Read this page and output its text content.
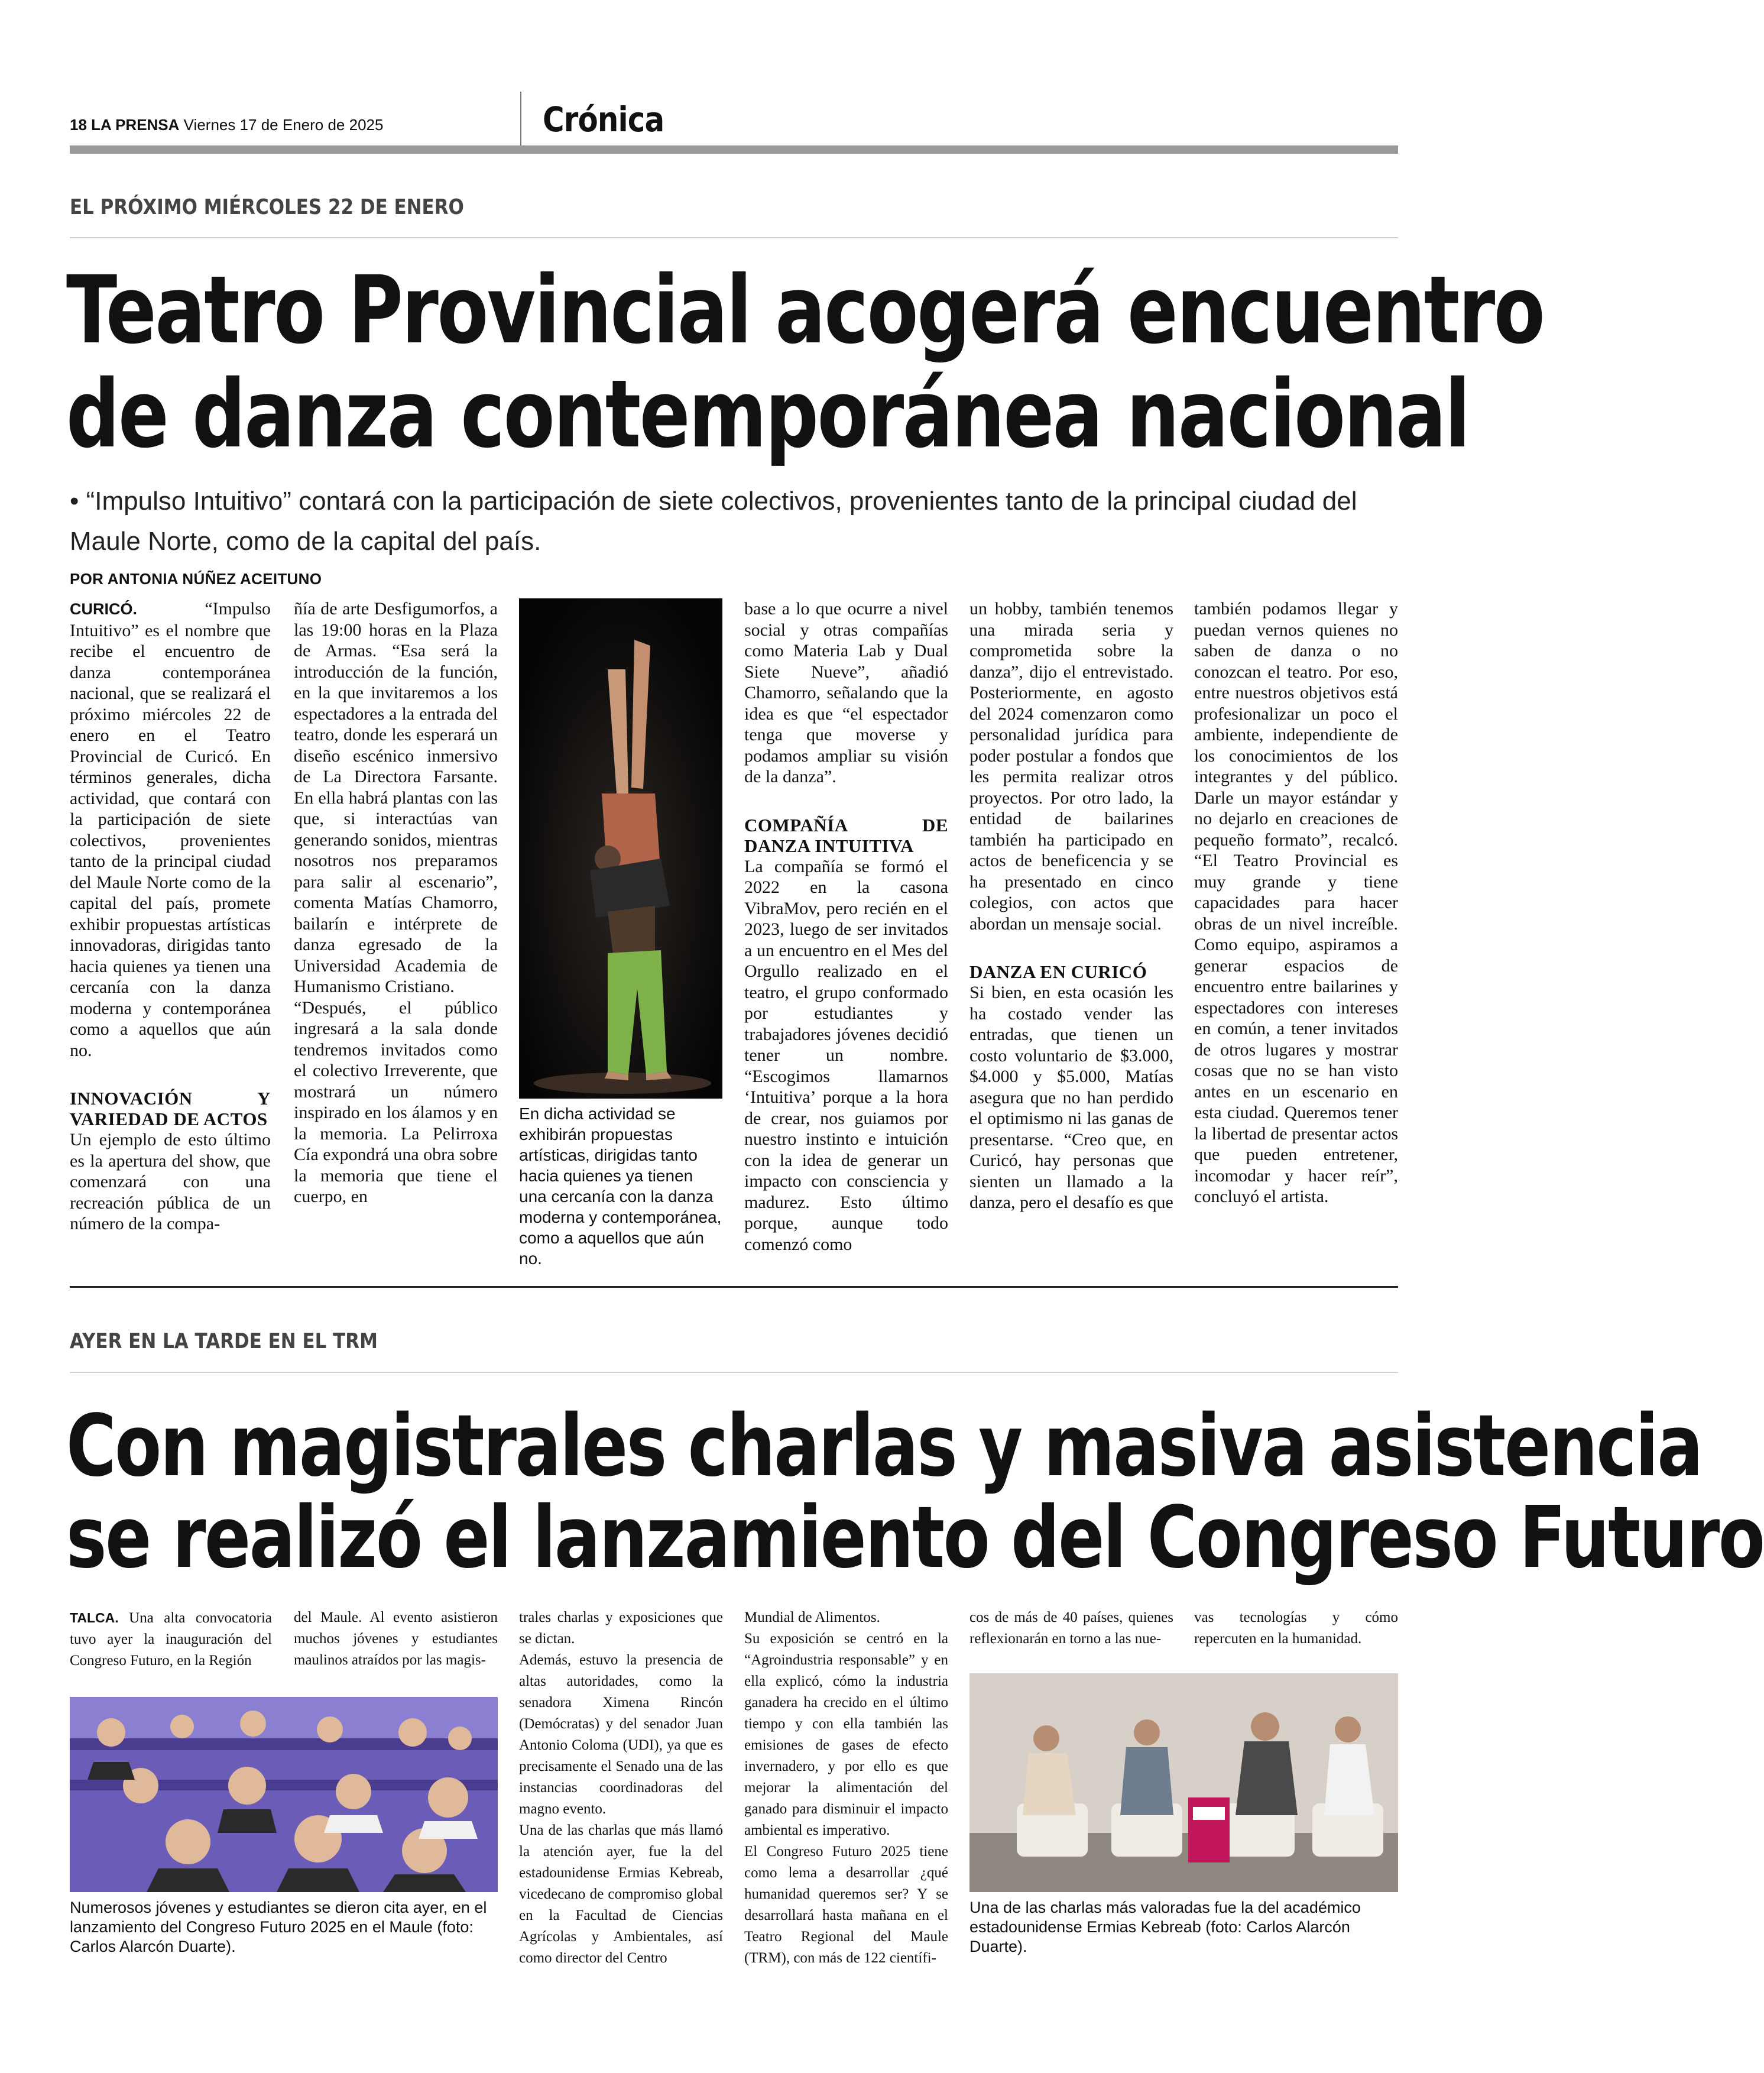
18 LA PRENSA Viernes 17 de Enero de 2025	Crónica
EL PRÓXIMO MIÉRCOLES 22 DE ENERO
Teatro Provincial acogerá encuentro
de danza contemporánea nacional
• “Impulso Intuitivo” contará con la participación de siete colectivos, provenientes tanto de la principal ciudad del
Maule Norte, como de la capital del país.
POR ANTONIA NÚÑEZ ACEITUNO

CURICÓ.	“Impulso Intuitivo” es el nombre que recibe el encuentro de danza contemporánea nacional, que se realizará el próximo miércoles 22 de enero en el Teatro Provincial de Curicó. En términos generales, dicha actividad, que contará con la participación de siete colectivos, provenientes tanto de la principal ciudad del Maule Norte como de la capital del país, promete exhibir propuestas artísticas innovadoras, dirigidas tanto hacia quienes ya tienen una cercanía con la danza moderna y contemporánea como a aquellos que aún no.

INNOVACIÓN Y VARIEDAD DE ACTOS

Un ejemplo de esto último es la apertura del show, que comenzará con una recreación pública de un número de la compa-

ñía de arte Desfigumorfos, a las 19:00 horas en la Plaza de Armas. “Esa será la introducción de la función, en la que invitaremos a los espectadores a la entrada del teatro, donde les esperará un diseño escénico inmersivo de La Directora Farsante. En ella habrá plantas con las que, si interactúas van generando sonidos, mientras nosotros nos preparamos para salir al escenario”, comenta Matías Chamorro, bailarín e intérprete de danza egresado de la Universidad Academia de Humanismo Cristiano.

“Después, el público ingresará a la sala donde tendremos invitados como el colectivo Irreverente, que mostrará un número inspirado en los álamos y en la memoria. La Pelirroxa Cía expondrá una obra sobre la memoria que tiene el cuerpo, en

En dicha actividad se exhibirán propuestas artísticas, dirigidas tanto hacia quienes ya tienen una cercanía con la danza moderna y contemporánea, como a aquellos que aún no.

base a lo que ocurre a nivel social y otras compañías como Materia Lab y Dual Siete Nueve”, añadió Chamorro, señalando que la idea es que “el espectador tenga que moverse y podamos ampliar su visión de la danza”.

COMPAÑÍA DE DANZA INTUITIVA

La compañía se formó el 2022 en la casona VibraMov, pero recién en el 2023, luego de ser invitados a un encuentro en el Mes del Orgullo realizado en el teatro, el grupo conformado por estudiantes y trabajadores jóvenes decidió tener un nombre. “Escogimos llamarnos ‘Intuitiva’ porque a la hora de crear, nos guiamos por nuestro instinto e intuición con la idea de generar un impacto con consciencia y madurez. Esto último porque, aunque todo comenzó como

un hobby, también tenemos una mirada seria y comprometida sobre la danza”, dijo el entrevistado. Posteriormente, en agosto del 2024 comenzaron como personalidad jurídica para poder postular a fondos que les permita realizar otros proyectos. Por otro lado, la entidad de bailarines también ha participado en actos de beneficencia y se ha presentado en cinco colegios, con actos que abordan un mensaje social.

DANZA EN CURICÓ

Si bien, en esta ocasión les ha costado vender las entradas, que tienen un costo voluntario de $3.000, $4.000 y $5.000, Matías asegura que no han perdido el optimismo ni las ganas de presentarse. “Creo que, en Curicó, hay personas que sienten un llamado a la danza, pero el desafío es que

también podamos llegar y puedan vernos quienes no saben de danza o no conozcan el teatro. Por eso, entre nuestros objetivos está profesionalizar un poco el ambiente, independiente de los conocimientos de los integrantes y del público. Darle un mayor estándar y no dejarlo en creaciones de pequeño formato”, recalcó. “El Teatro Provincial es muy grande y tiene capacidades para hacer obras de un nivel increíble. Como equipo, aspiramos a generar espacios de encuentro entre bailarines y espectadores con intereses en común, a tener invitados de otros lugares y mostrar cosas que no se han visto antes en un escenario en esta ciudad. Queremos tener la libertad de presentar actos que pueden entretener, incomodar y hacer reír”, concluyó el artista.

AYER EN LA TARDE EN EL TRM
Con magistrales charlas y masiva asistencia
se realizó el lanzamiento del Congreso Futuro

TALCA. Una alta convocatoria tuvo ayer la inauguración del Congreso Futuro, en la Región

del Maule. Al evento asistieron muchos jóvenes y estudiantes maulinos atraídos por las magis-

Numerosos jóvenes y estudiantes se dieron cita ayer, en el lanzamiento del Congreso Futuro 2025 en el Maule (foto: Carlos Alarcón Duarte).

trales charlas y exposiciones que se dictan.

Además, estuvo la presencia de altas autoridades, como la senadora Ximena Rincón (Demócratas) y del senador Juan Antonio Coloma (UDI), ya que es precisamente el Senado una de las instancias coordinadoras del magno evento.

Una de las charlas que más llamó la atención ayer, fue la del estadounidense Ermias Kebreab, vicedecano de compromiso global en la Facultad de Ciencias Agrícolas y Ambientales, así como director del Centro

Mundial de Alimentos.

Su exposición se centró en la “Agroindustria responsable” y en ella explicó, cómo la industria ganadera ha crecido en el último tiempo y con ella también las emisiones de gases de efecto invernadero, y por ello es que mejorar la alimentación del ganado para disminuir el impacto ambiental es imperativo.

El Congreso Futuro 2025 tiene como lema a desarrollar ¿qué humanidad queremos ser? Y se desarrollará hasta mañana en el Teatro Regional del Maule (TRM), con más de 122 científi-

cos de más de 40 países, quienes reflexionarán en torno a las nue-

vas tecnologías y cómo repercuten en la humanidad.

Una de las charlas más valoradas fue la del académico estadounidense Ermias Kebreab (foto: Carlos Alarcón Duarte).
